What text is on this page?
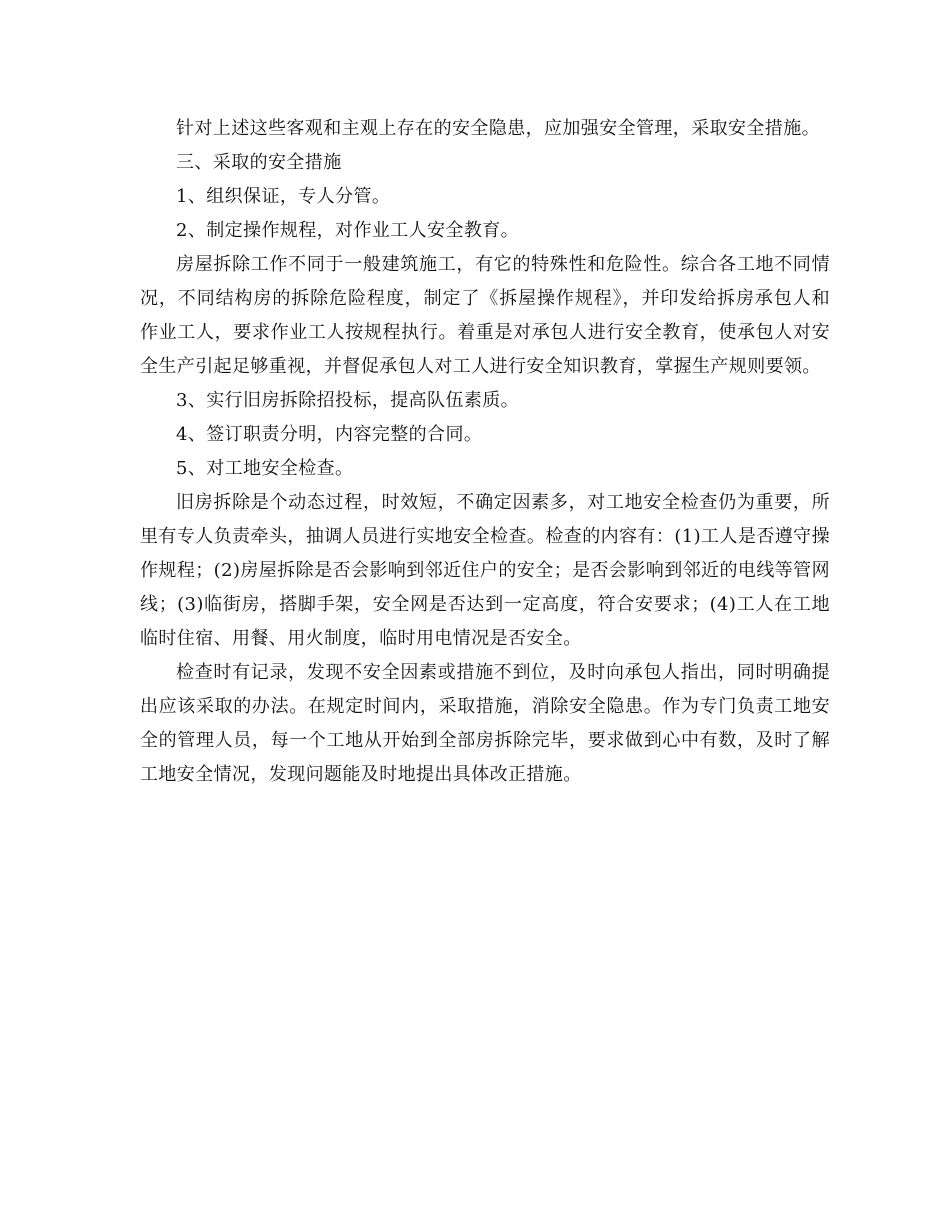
针对上述这些客观和主观上存在的安全隐患，应加强安全管理，采取安全措施。

三、采取的安全措施

1、组织保证，专人分管。

2、制定操作规程，对作业工人安全教育。

房屋拆除工作不同于一般建筑施工，有它的特殊性和危险性。综合各工地不同情况，不同结构房的拆除危险程度，制定了《拆屋操作规程》，并印发给拆房承包人和作业工人，要求作业工人按规程执行。着重是对承包人进行安全教育，使承包人对安全生产引起足够重视，并督促承包人对工人进行安全知识教育，掌握生产规则要领。

3、实行旧房拆除招投标，提高队伍素质。

4、签订职责分明，内容完整的合同。

5、对工地安全检查。

旧房拆除是个动态过程，时效短，不确定因素多，对工地安全检查仍为重要，所里有专人负责牵头，抽调人员进行实地安全检查。检查的内容有：(1)工人是否遵守操作规程；(2)房屋拆除是否会影响到邻近住户的安全；是否会影响到邻近的电线等管网线；(3)临街房，搭脚手架，安全网是否达到一定高度，符合安要求；(4)工人在工地临时住宿、用餐、用火制度，临时用电情况是否安全。

检查时有记录，发现不安全因素或措施不到位，及时向承包人指出，同时明确提出应该采取的办法。在规定时间内，采取措施，消除安全隐患。作为专门负责工地安全的管理人员，每一个工地从开始到全部房拆除完毕，要求做到心中有数，及时了解工地安全情况，发现问题能及时地提出具体改正措施。
